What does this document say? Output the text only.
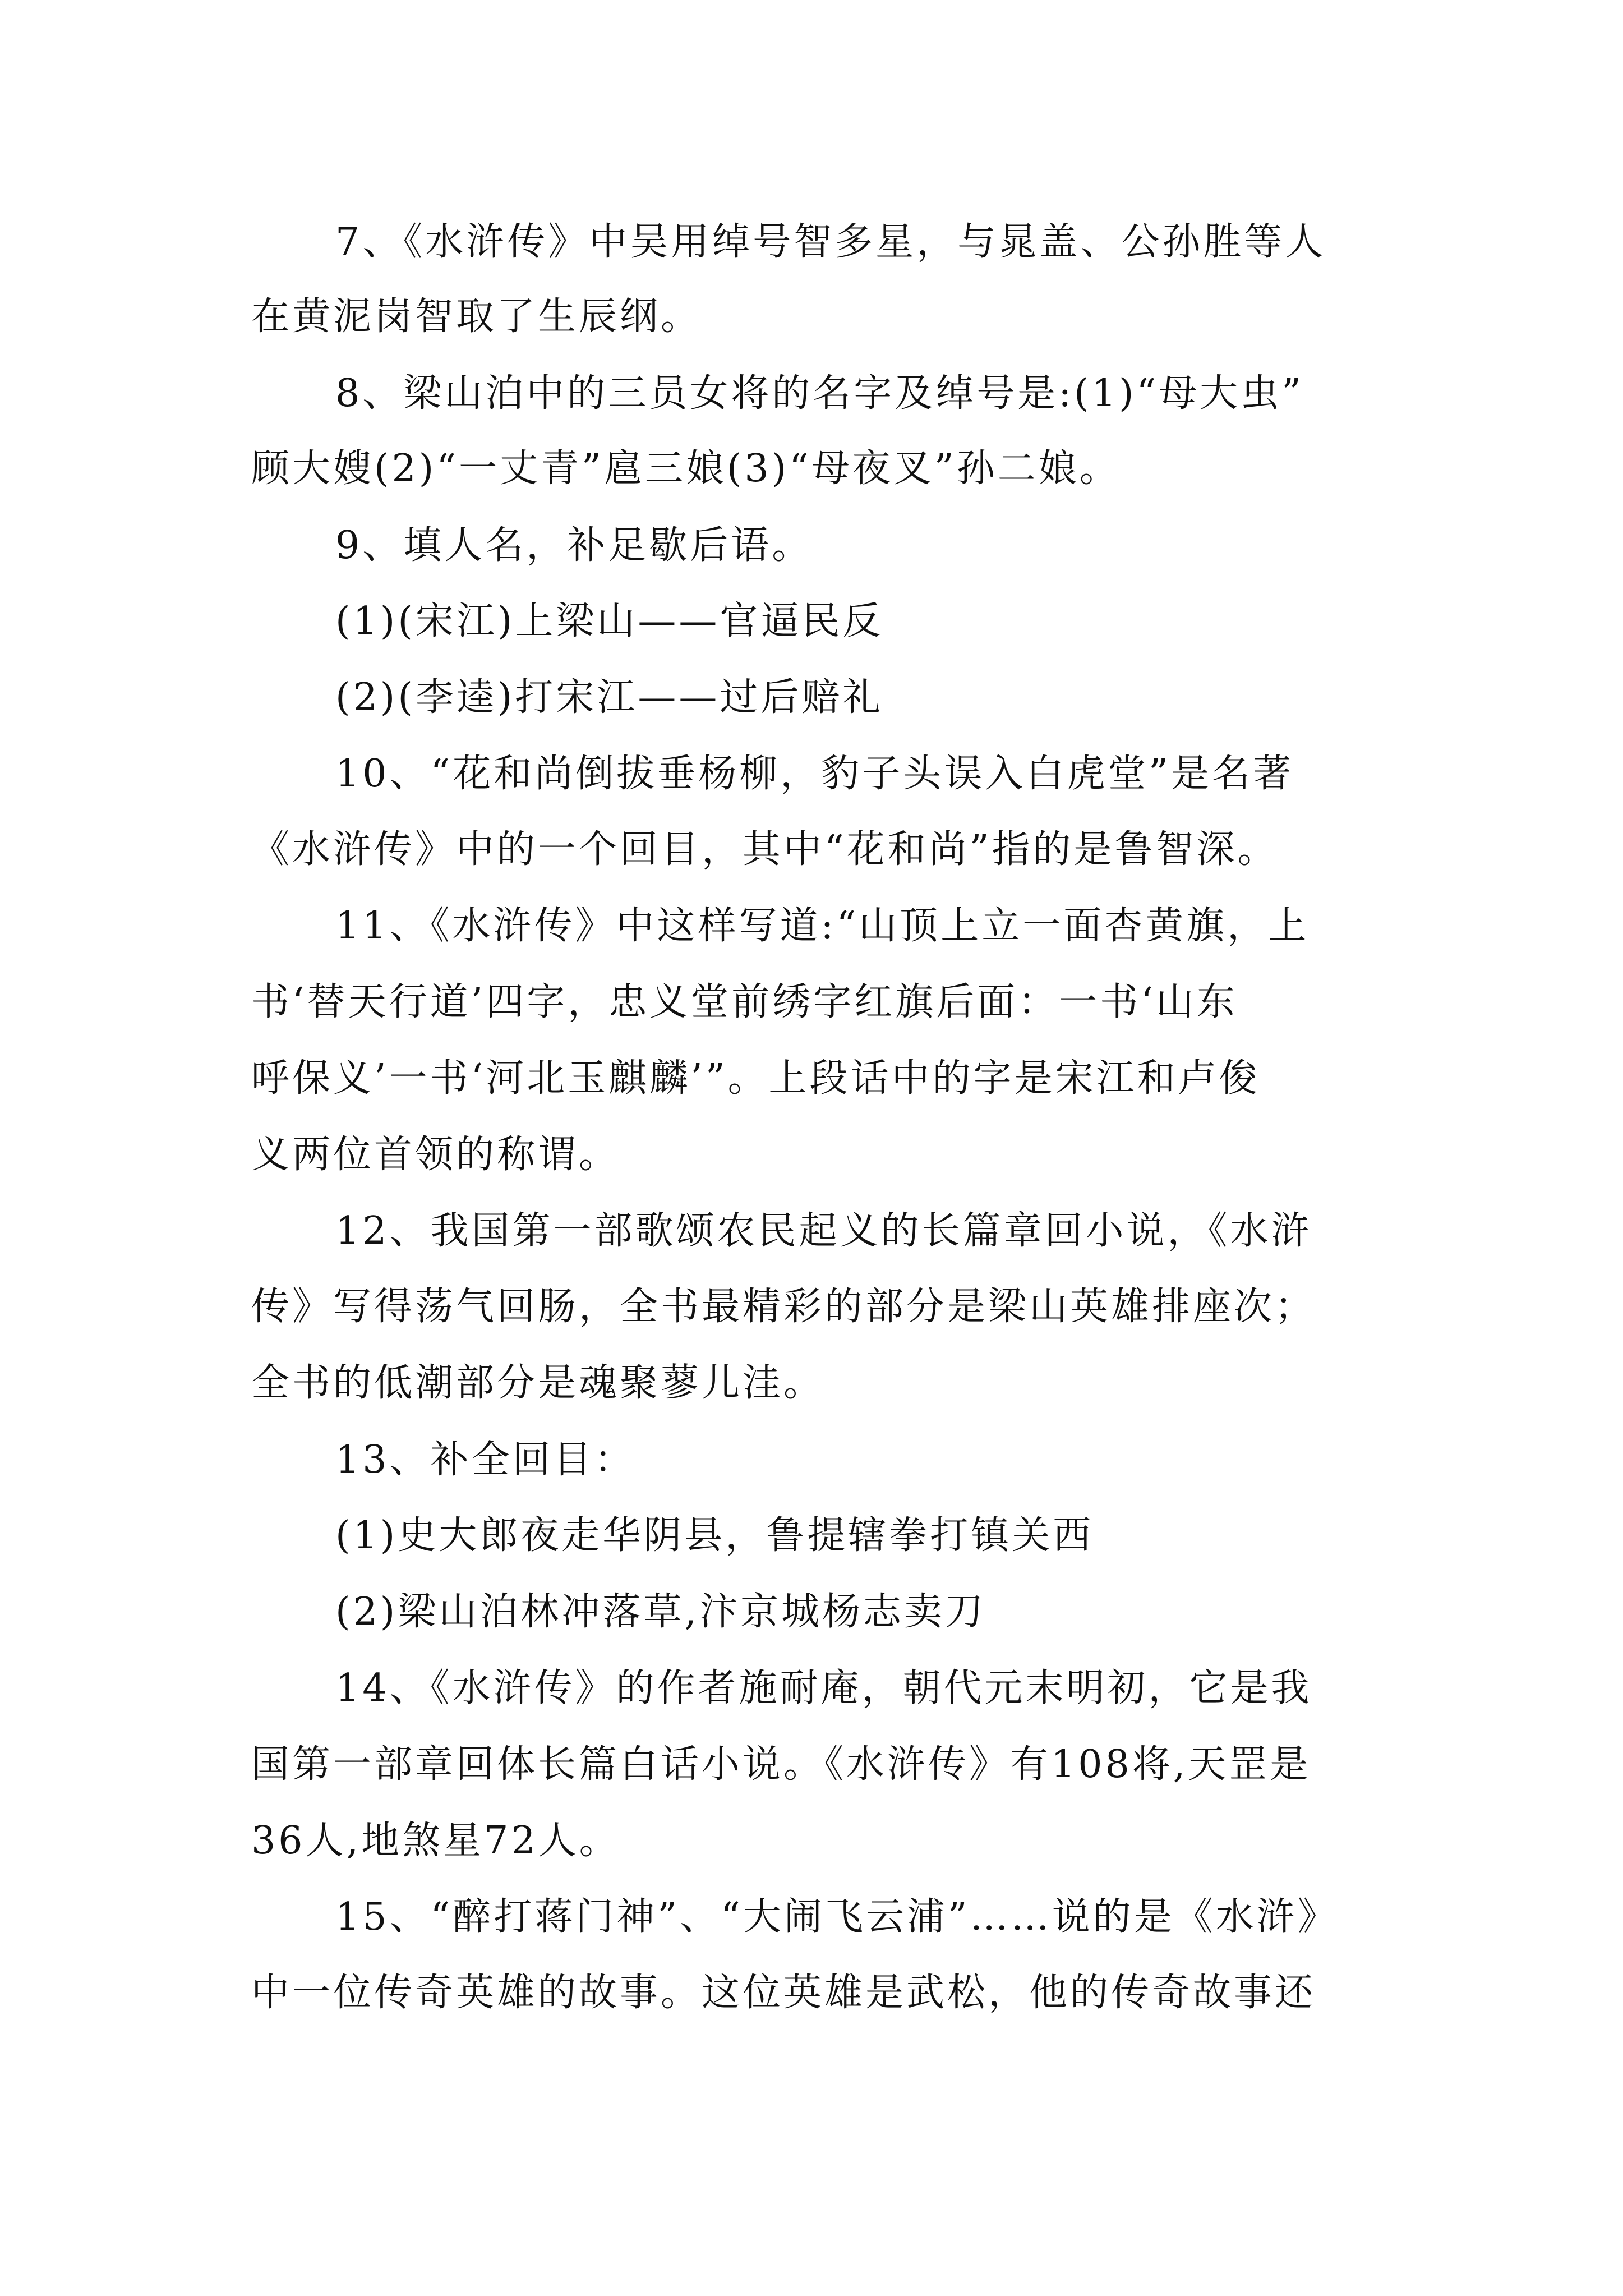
7、《水浒传》中吴用绰号智多星，与晁盖、公孙胜等人
在黄泥岗智取了生辰纲。
8、梁山泊中的三员女将的名字及绰号是:(1)“母大虫”
顾大嫂(2)“一丈青”扈三娘(3)“母夜叉”孙二娘。
9、填人名，补足歇后语。
(1)(宋江)上梁山——官逼民反
(2)(李逵)打宋江——过后赔礼
10、“花和尚倒拔垂杨柳，豹子头误入白虎堂”是名著
《水浒传》中的一个回目，其中“花和尚”指的是鲁智深。
11、《水浒传》中这样写道:“山顶上立一面杏黄旗，上
书‘替天行道’四字，忠义堂前绣字红旗后面：一书‘山东
呼保义’一书‘河北玉麒麟’”。上段话中的字是宋江和卢俊
义两位首领的称谓。
12、我国第一部歌颂农民起义的长篇章回小说，《水浒
传》写得荡气回肠，全书最精彩的部分是梁山英雄排座次；
全书的低潮部分是魂聚蓼儿洼。
13、补全回目：
(1)史大郎夜走华阴县，鲁提辖拳打镇关西
(2)梁山泊林冲落草,汴京城杨志卖刀
14、《水浒传》的作者施耐庵，朝代元末明初，它是我
国第一部章回体长篇白话小说。《水浒传》有108将,天罡是
36人,地煞星72人。
15、“醉打蒋门神”、“大闹飞云浦”……说的是《水浒》
中一位传奇英雄的故事。这位英雄是武松，他的传奇故事还
